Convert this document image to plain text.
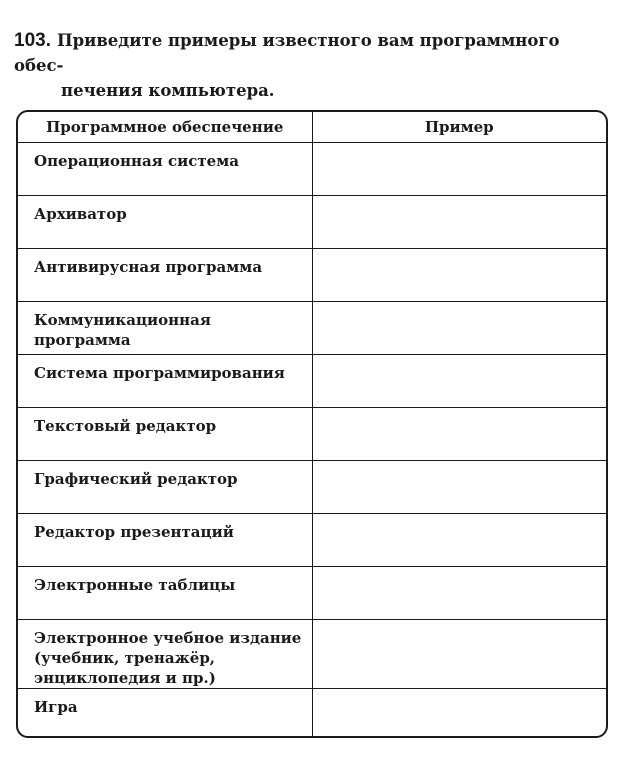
103. Приведите примеры известного вам программного обес-
печения компьютера.
Программное обеспечение	Пример
Операционная система	
Архиватор	
Антивирусная программа	
Коммуникационная программа	
Система программирования	
Текстовый редактор	
Графический редактор	
Редактор презентаций	
Электронные таблицы	
Электронное учебное издание (учебник, тренажёр, энциклопедия и пр.)	
Игра	
